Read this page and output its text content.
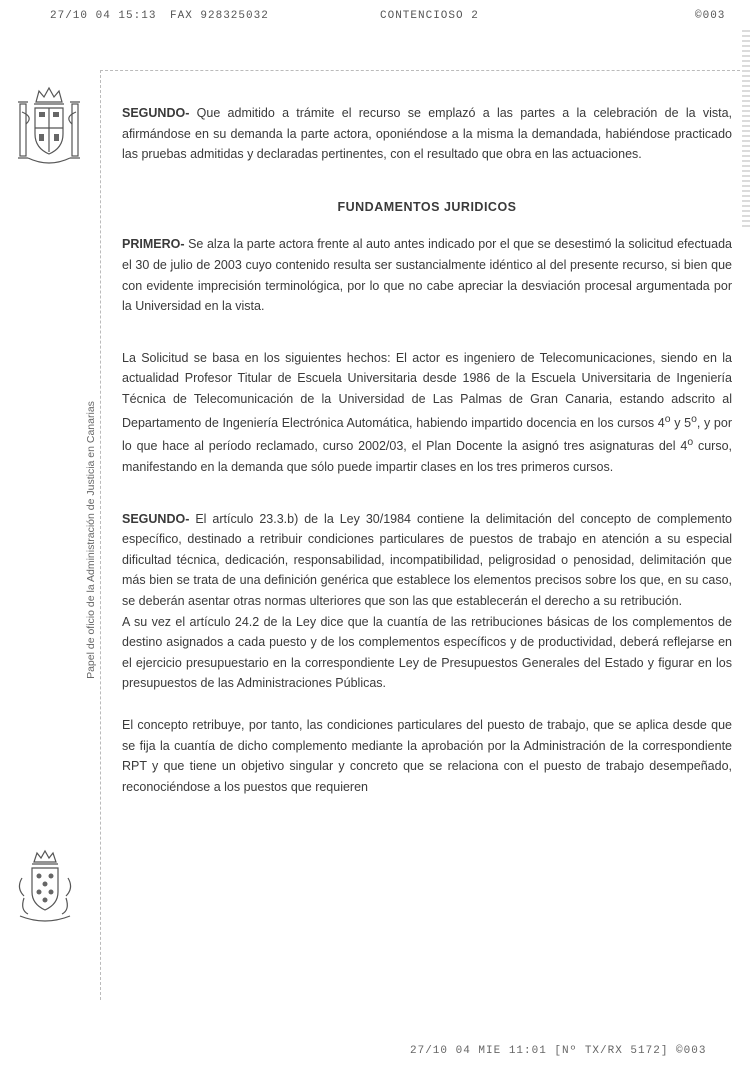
27/10 04 15:13 FAX 928325032	CONTENCIOSO 2	©003
Papel de oficio de la Administración de Justicia en Canarias

SEGUNDO- Que admitido a trámite el recurso se emplazó a las partes a la celebración de la vista, afirmándose en su demanda la parte actora, oponiéndose a la misma la demandada, habiéndose practicado las pruebas admitidas y declaradas pertinentes, con el resultado que obra en las actuaciones.

FUNDAMENTOS JURIDICOS

PRIMERO- Se alza la parte actora frente al auto antes indicado por el que se desestimó la solicitud efectuada el 30 de julio de 2003 cuyo contenido resulta ser sustancialmente idéntico al del presente recurso, si bien que con evidente imprecisión terminológica, por lo que no cabe apreciar la desviación procesal argumentada por la Universidad en la vista.

La Solicitud se basa en los siguientes hechos: El actor es ingeniero de Telecomunicaciones, siendo en la actualidad Profesor Titular de Escuela Universitaria desde 1986 de la Escuela Universitaria de Ingeniería Técnica de Telecomunicación de la Universidad de Las Palmas de Gran Canaria, estando adscrito al Departamento de Ingeniería Electrónica Automática, habiendo impartido docencia en los cursos 4$^o$ y 5$^o$, y por lo que hace al período reclamado, curso 2002/03, el Plan Docente la asignó tres asignaturas del 4$^o$ curso, manifestando en la demanda que sólo puede impartir clases en los tres primeros cursos.

SEGUNDO- El artículo 23.3.b) de la Ley 30/1984 contiene la delimitación del concepto de complemento específico, destinado a retribuir condiciones particulares de puestos de trabajo en atención a su especial dificultad técnica, dedicación, responsabilidad, incompatibilidad, peligrosidad o penosidad, delimitación que más bien se trata de una definición genérica que establece los elementos precisos sobre los que, en su caso, se deberán asentar otras normas ulteriores que son las que establecerán el derecho a su retribución.

A su vez el artículo 24.2 de la Ley dice que la cuantía de las retribuciones básicas de los complementos de destino asignados a cada puesto y de los complementos específicos y de productividad, deberá reflejarse en el ejercicio presupuestario en la correspondiente Ley de Presupuestos Generales del Estado y figurar en los presupuestos de las Administraciones Públicas.

El concepto retribuye, por tanto, las condiciones particulares del puesto de trabajo, que se aplica desde que se fija la cuantía de dicho complemento mediante la aprobación por la Administración de la correspondiente RPT y que tiene un objetivo singular y concreto que se relaciona con el puesto de trabajo desempeñado, reconociéndose a los puestos que requieren

27/10 04 MIE 11:01 [Nº TX/RX 5172] ©003
